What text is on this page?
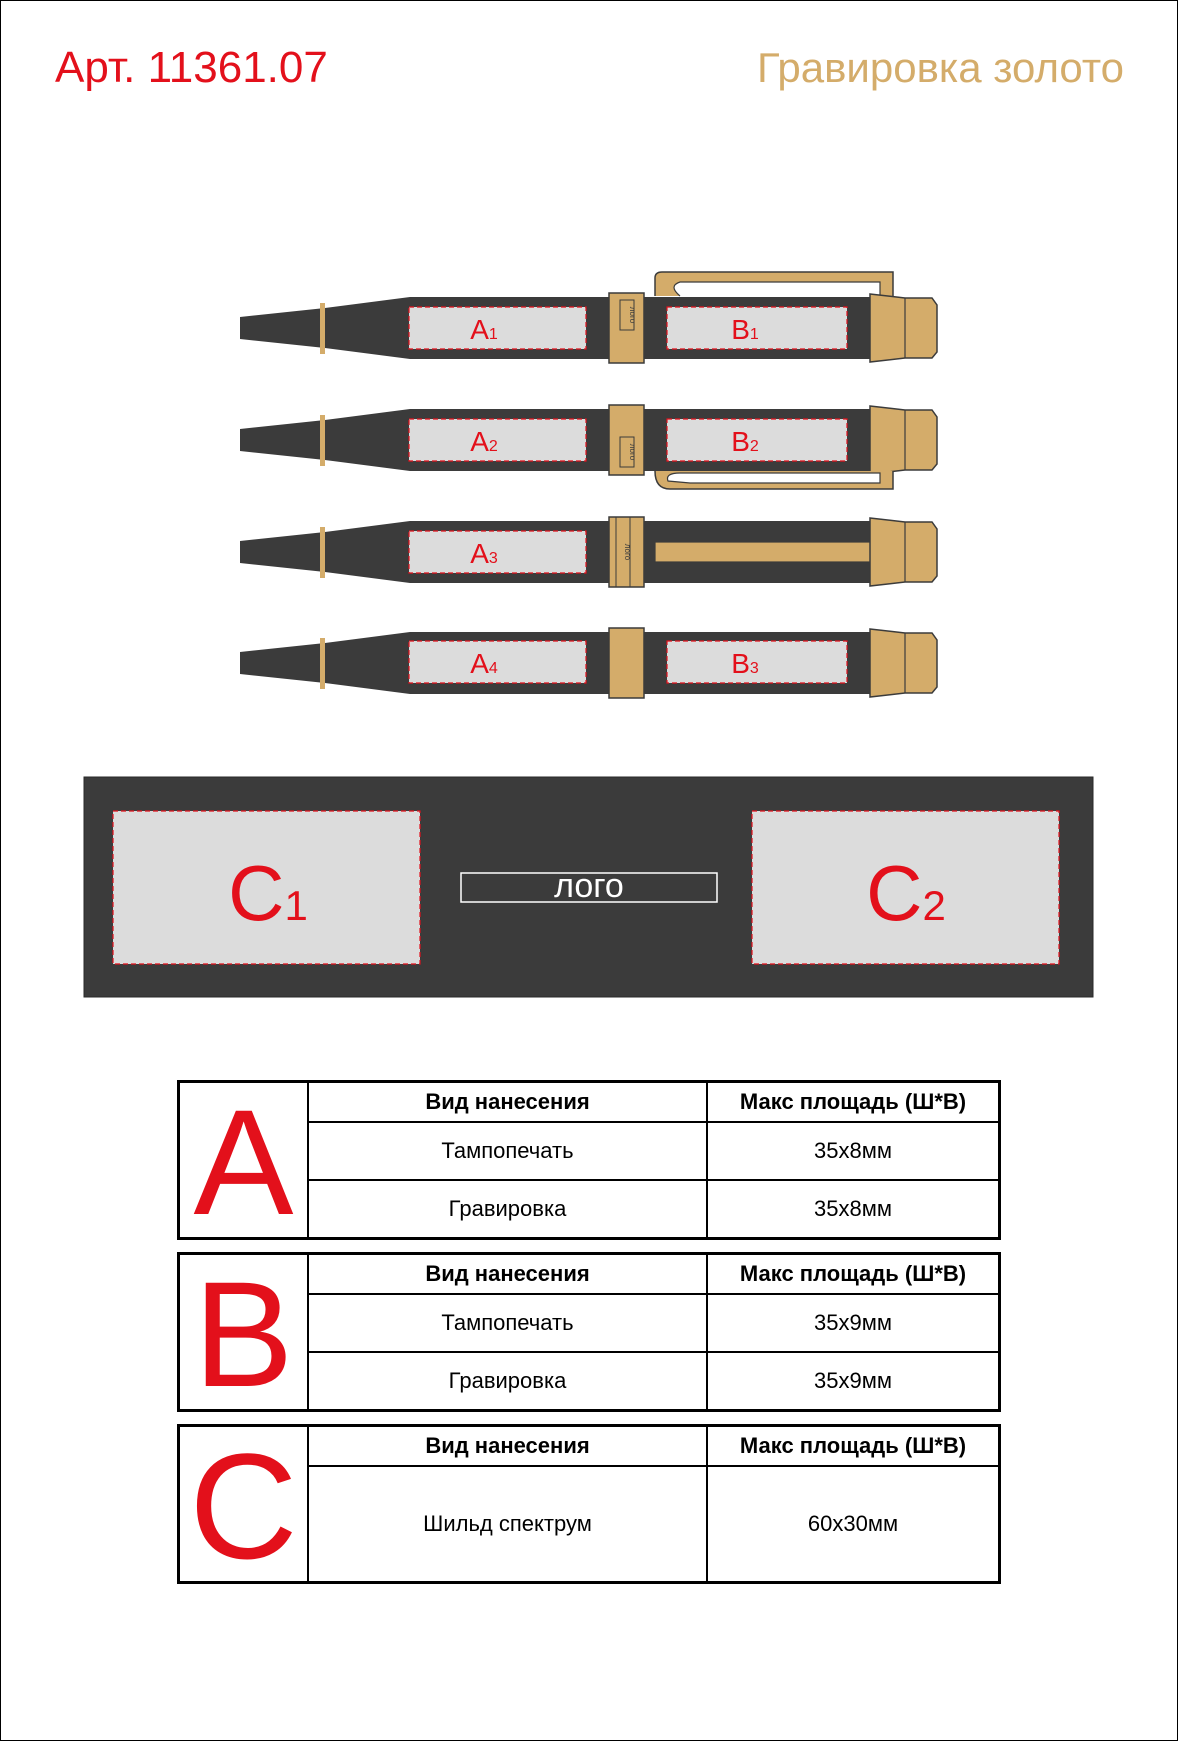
Арт. 11361.07	Гравировка золото
лого
A1	B1
лого
A2	B2
лого
A3
A4	B3
C1	лого	C2
A	Вид нанесения	Макс площадь (Ш*В)
	Тампопечать	35x8мм
	Гравировка	35x8мм
B	Вид нанесения	Макс площадь (Ш*В)
	Тампопечать	35x9мм
	Гравировка	35x9мм
C	Вид нанесения	Макс площадь (Ш*В)
	Шильд спектрум	60x30мм
